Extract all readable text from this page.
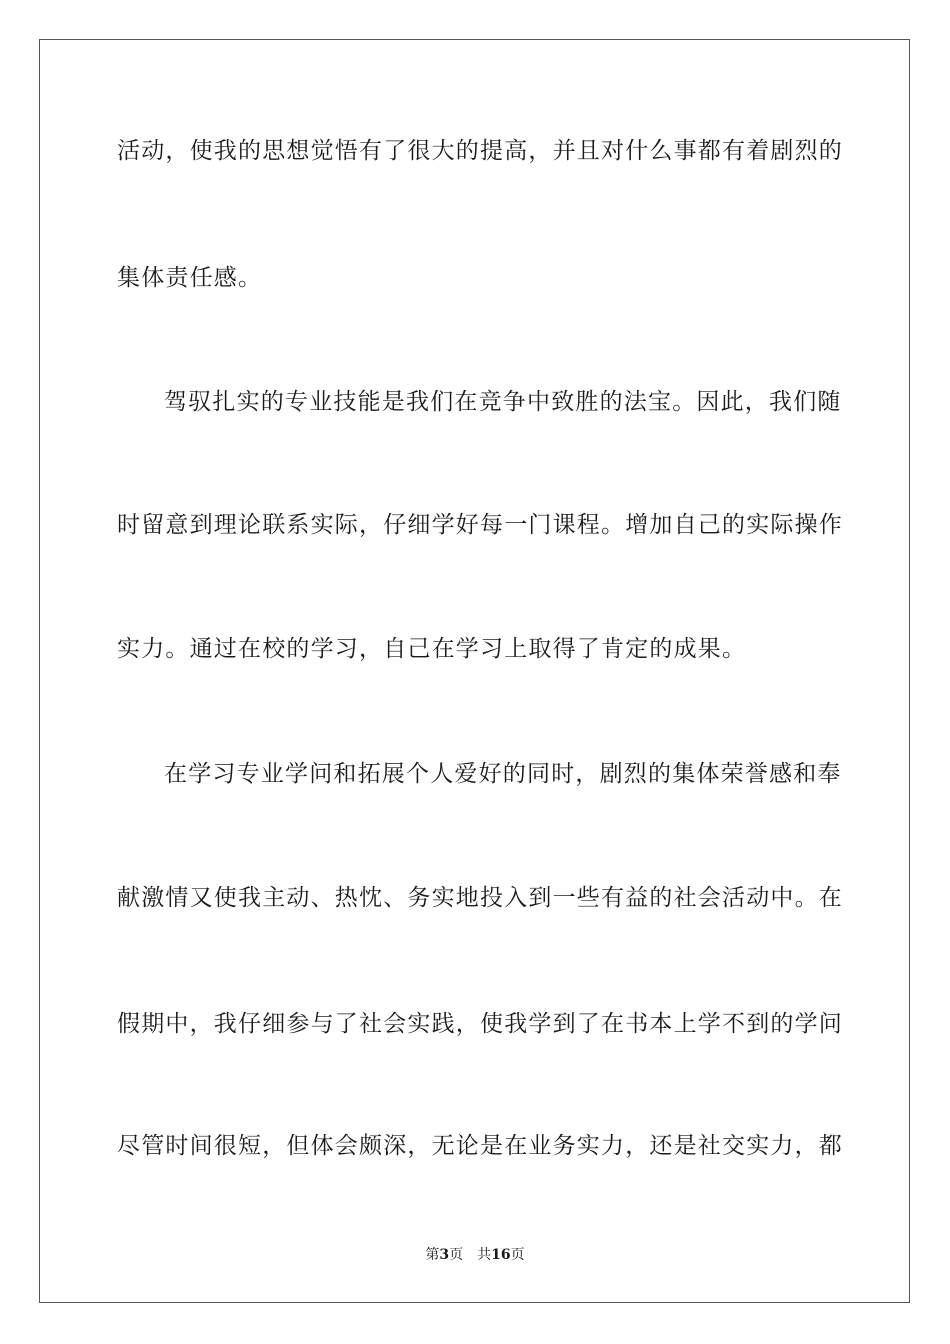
活动，使我的思想觉悟有了很大的提高，并且对什么事都有着剧烈的
集体责任感。
驾驭扎实的专业技能是我们在竞争中致胜的法宝。因此，我们随
时留意到理论联系实际，仔细学好每一门课程。增加自己的实际操作
实力。通过在校的学习，自己在学习上取得了肯定的成果。
在学习专业学问和拓展个人爱好的同时，剧烈的集体荣誉感和奉
献激情又使我主动、热忱、务实地投入到一些有益的社会活动中。在
假期中，我仔细参与了社会实践，使我学到了在书本上学不到的学问
尽管时间很短，但体会颇深，无论是在业务实力，还是社交实力，都
第3页 共16页
